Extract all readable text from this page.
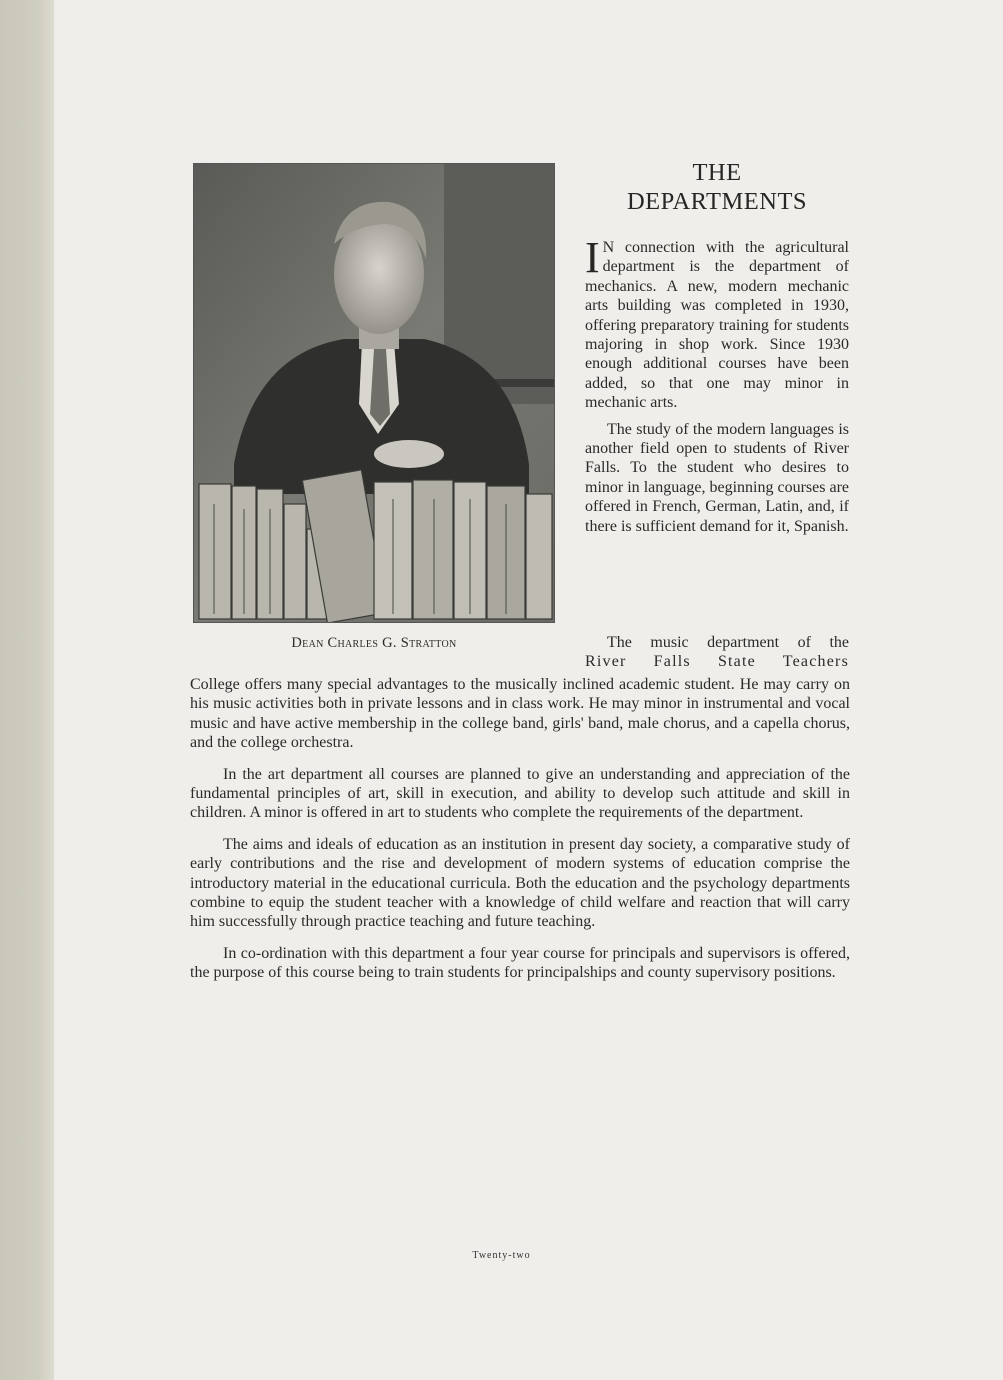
Dean Charles G. Stratton
THE
DEPARTMENTS

I N connection with the agricultural department is the department of mechanics. A new, modern mechanic arts building was completed in 1930, offering preparatory training for students majoring in shop work. Since 1930 enough additional courses have been added, so that one may minor in mechanic arts.

The study of the modern languages is another field open to students of River Falls. To the student who desires to minor in language, beginning courses are offered in French, German, Latin, and, if there is sufficient demand for it, Spanish.

The music department of the
River Falls State Teachers

College offers many special advantages to the musically inclined academic student. He may carry on his music activities both in private lessons and in class work. He may minor in instrumental and vocal music and have active membership in the college band, girls' band, male chorus, and a capella chorus, and the college orchestra.

In the art department all courses are planned to give an understanding and appreciation of the fundamental principles of art, skill in execution, and ability to develop such attitude and skill in children. A minor is offered in art to students who complete the requirements of the department.

The aims and ideals of education as an institution in present day society, a comparative study of early contributions and the rise and development of modern systems of education comprise the introductory material in the educational curricula. Both the education and the psychology departments combine to equip the student teacher with a knowledge of child welfare and reaction that will carry him successfully through practice teaching and future teaching.

In co-ordination with this department a four year course for principals and supervisors is offered, the purpose of this course being to train students for principalships and county supervisory positions.

Twenty-two
